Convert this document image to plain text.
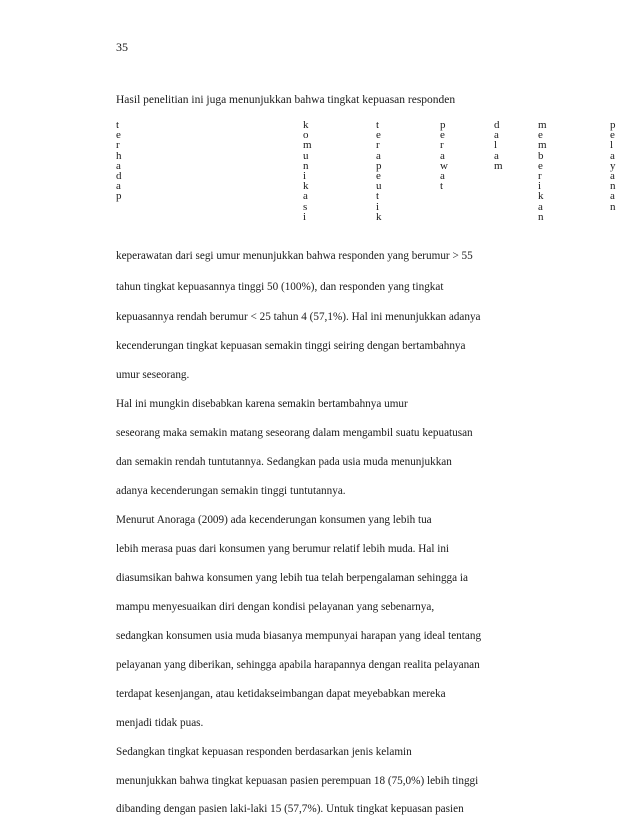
35
Hasil penelitian ini juga menunjukkan bahwa tingkat kepuasan responden
t
e
r
h
a
d
a
p
k
o
m
u
n
i
k
a
s
i
t
e
r
a
p
e
u
t
i
k
p
e
r
a
w
a
t
d
a
l
a
m
m
e
m
b
e
r
i
k
a
n
p
e
l
a
y
a
n
a
n
keperawatan dari segi umur menunjukkan bahwa responden yang berumur > 55
tahun tingkat kepuasannya tinggi 50 (100%), dan responden yang tingkat
kepuasannya rendah berumur < 25 tahun 4 (57,1%). Hal ini menunjukkan adanya
kecenderungan tingkat kepuasan semakin tinggi seiring dengan bertambahnya
umur seseorang.
Hal ini mungkin disebabkan karena semakin bertambahnya umur
seseorang maka semakin matang seseorang dalam mengambil suatu kepuatusan
dan semakin rendah tuntutannya. Sedangkan pada usia muda menunjukkan
adanya kecenderungan semakin tinggi tuntutannya.
Menurut Anoraga (2009) ada kecenderungan konsumen yang lebih tua
lebih merasa puas dari konsumen yang berumur relatif lebih muda. Hal ini
diasumsikan bahwa konsumen yang lebih tua telah berpengalaman sehingga ia
mampu menyesuaikan diri dengan kondisi pelayanan yang sebenarnya,
sedangkan konsumen usia muda biasanya mempunyai harapan yang ideal tentang
pelayanan yang diberikan, sehingga apabila harapannya dengan realita pelayanan
terdapat kesenjangan, atau ketidakseimbangan dapat meyebabkan mereka
menjadi tidak puas.
Sedangkan tingkat kepuasan responden berdasarkan jenis kelamin
menunjukkan bahwa tingkat kepuasan pasien perempuan 18 (75,0%) lebih tinggi
dibanding dengan pasien laki-laki 15 (57,7%). Untuk tingkat kepuasan pasien
